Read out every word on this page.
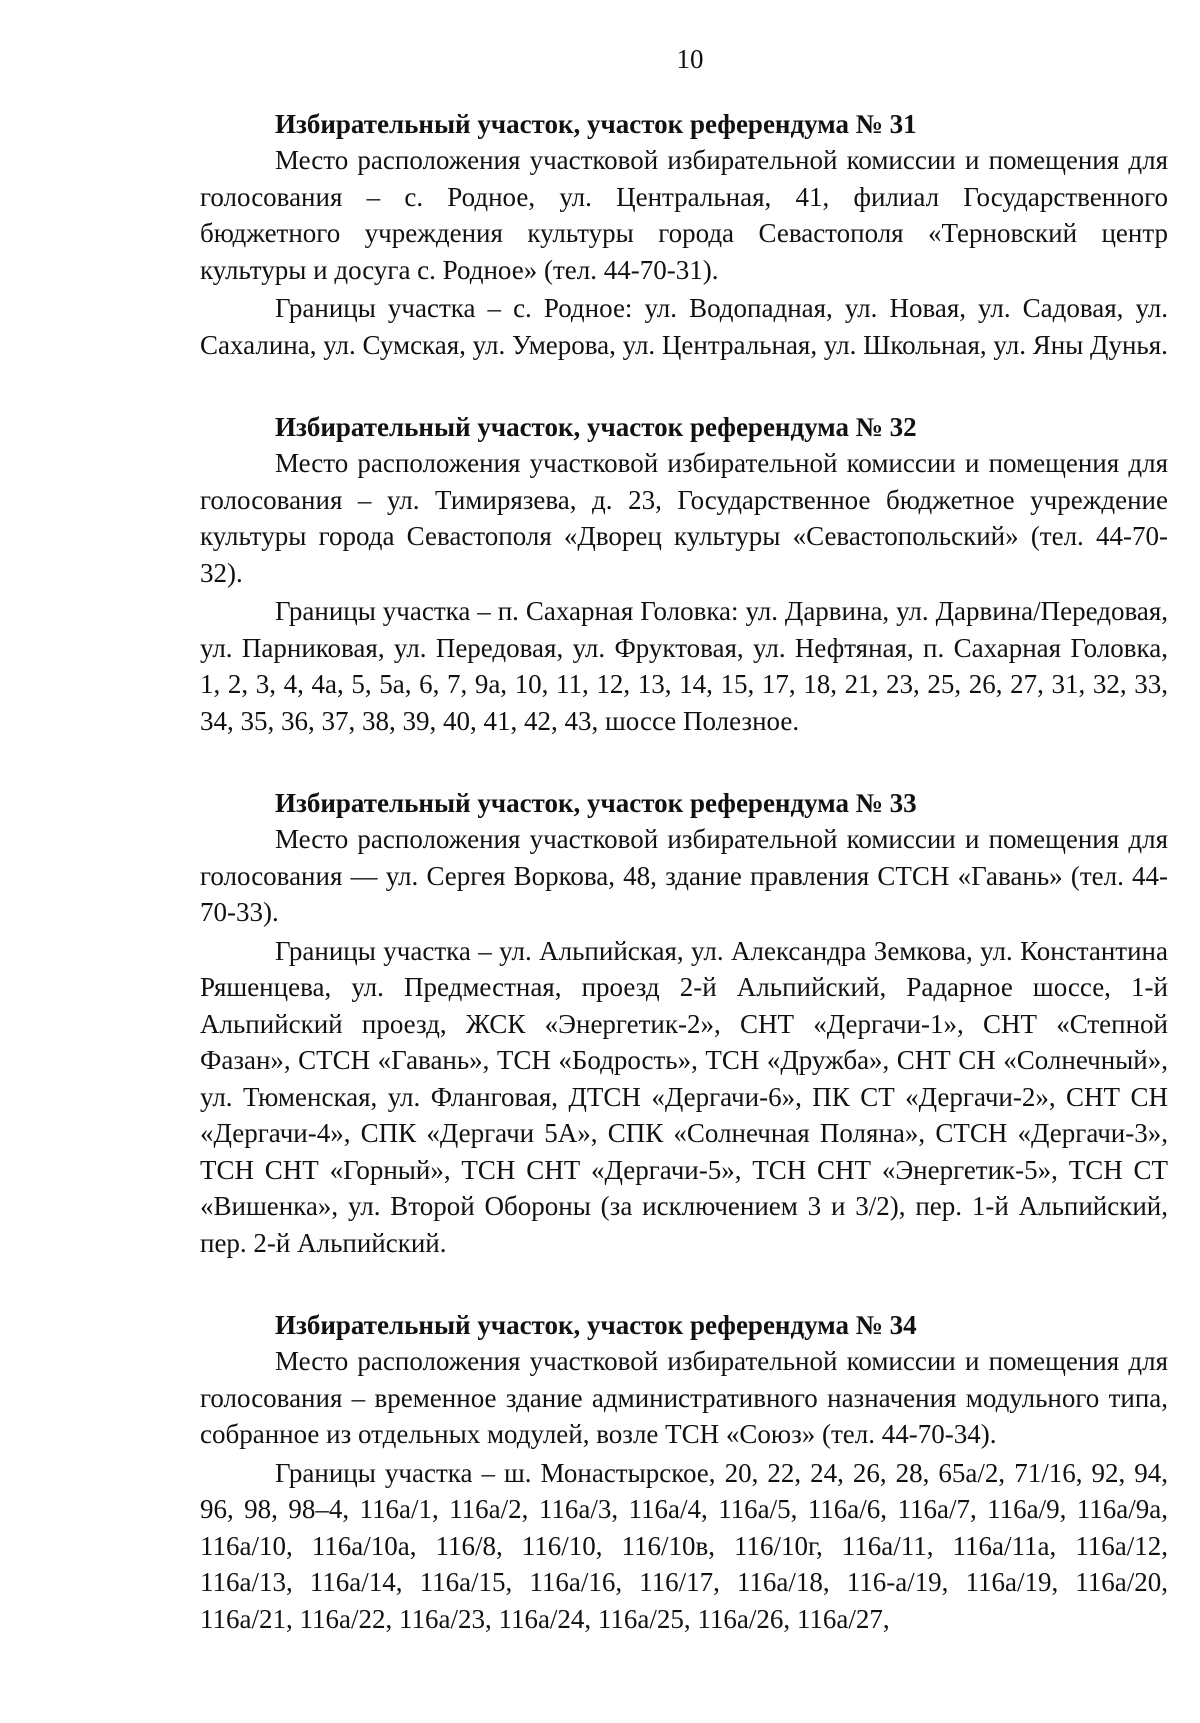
10

Избирательный участок, участок референдума № 31

Место расположения участковой избирательной комиссии и помещения для голосования – с. Родное, ул. Центральная, 41, филиал Государственного бюджетного учреждения культуры города Севастополя «Терновский центр культуры и досуга с. Родное» (тел. 44-70-31).

Границы участка – с. Родное: ул. Водопадная, ул. Новая, ул. Садовая, ул. Сахалина, ул. Сумская, ул. Умерова, ул. Центральная, ул. Школьная, ул. Яны Дунья.

Избирательный участок, участок референдума № 32

Место расположения участковой избирательной комиссии и помещения для голосования – ул. Тимирязева, д. 23, Государственное бюджетное учреждение культуры города Севастополя «Дворец культуры «Севастопольский» (тел. 44-70-32).

Границы участка – п. Сахарная Головка: ул. Дарвина, ул. Дарвина/Передовая, ул. Парниковая, ул. Передовая, ул. Фруктовая, ул. Нефтяная, п. Сахарная Головка, 1, 2, 3, 4, 4а, 5, 5а, 6, 7, 9а, 10, 11, 12, 13, 14, 15, 17, 18, 21, 23, 25, 26, 27, 31, 32, 33, 34, 35, 36, 37, 38, 39, 40, 41, 42, 43, шоссе Полезное.

Избирательный участок, участок референдума № 33

Место расположения участковой избирательной комиссии и помещения для голосования — ул. Сергея Воркова, 48, здание правления СТСН «Гавань» (тел. 44-70-33).

Границы участка – ул. Альпийская, ул. Александра Земкова, ул. Константина Ряшенцева, ул. Предместная, проезд 2-й Альпийский, Радарное шоссе, 1-й Альпийский проезд, ЖСК «Энергетик-2», СНТ «Дергачи-1», СНТ «Степной Фазан», СТСН «Гавань», ТСН «Бодрость», ТСН «Дружба», СНТ СН «Солнечный», ул. Тюменская, ул. Фланговая, ДТСН «Дергачи-6», ПК СТ «Дергачи-2», СНТ СН «Дергачи-4», СПК «Дергачи 5А», СПК «Солнечная Поляна», СТСН «Дергачи-3», ТСН СНТ «Горный», ТСН СНТ «Дергачи-5», ТСН СНТ «Энергетик-5», ТСН СТ «Вишенка», ул. Второй Обороны (за исключением 3 и 3/2), пер. 1-й Альпийский, пер. 2-й Альпийский.

Избирательный участок, участок референдума № 34

Место расположения участковой избирательной комиссии и помещения для голосования – временное здание административного назначения модульного типа, собранное из отдельных модулей, возле ТСН «Союз» (тел. 44-70-34).

Границы участка – ш. Монастырское, 20, 22, 24, 26, 28, 65а/2, 71/16, 92, 94, 96, 98, 98–4, 116а/1, 116а/2, 116а/3, 116а/4, 116а/5, 116а/6, 116а/7, 116а/9, 116а/9а, 116а/10, 116а/10а, 116/8, 116/10, 116/10в, 116/10г, 116а/11, 116а/11а, 116а/12, 116а/13, 116а/14, 116а/15, 116а/16, 116/17, 116а/18, 116-а/19, 116а/19, 116а/20, 116а/21, 116а/22, 116а/23, 116а/24, 116а/25, 116а/26, 116а/27,
